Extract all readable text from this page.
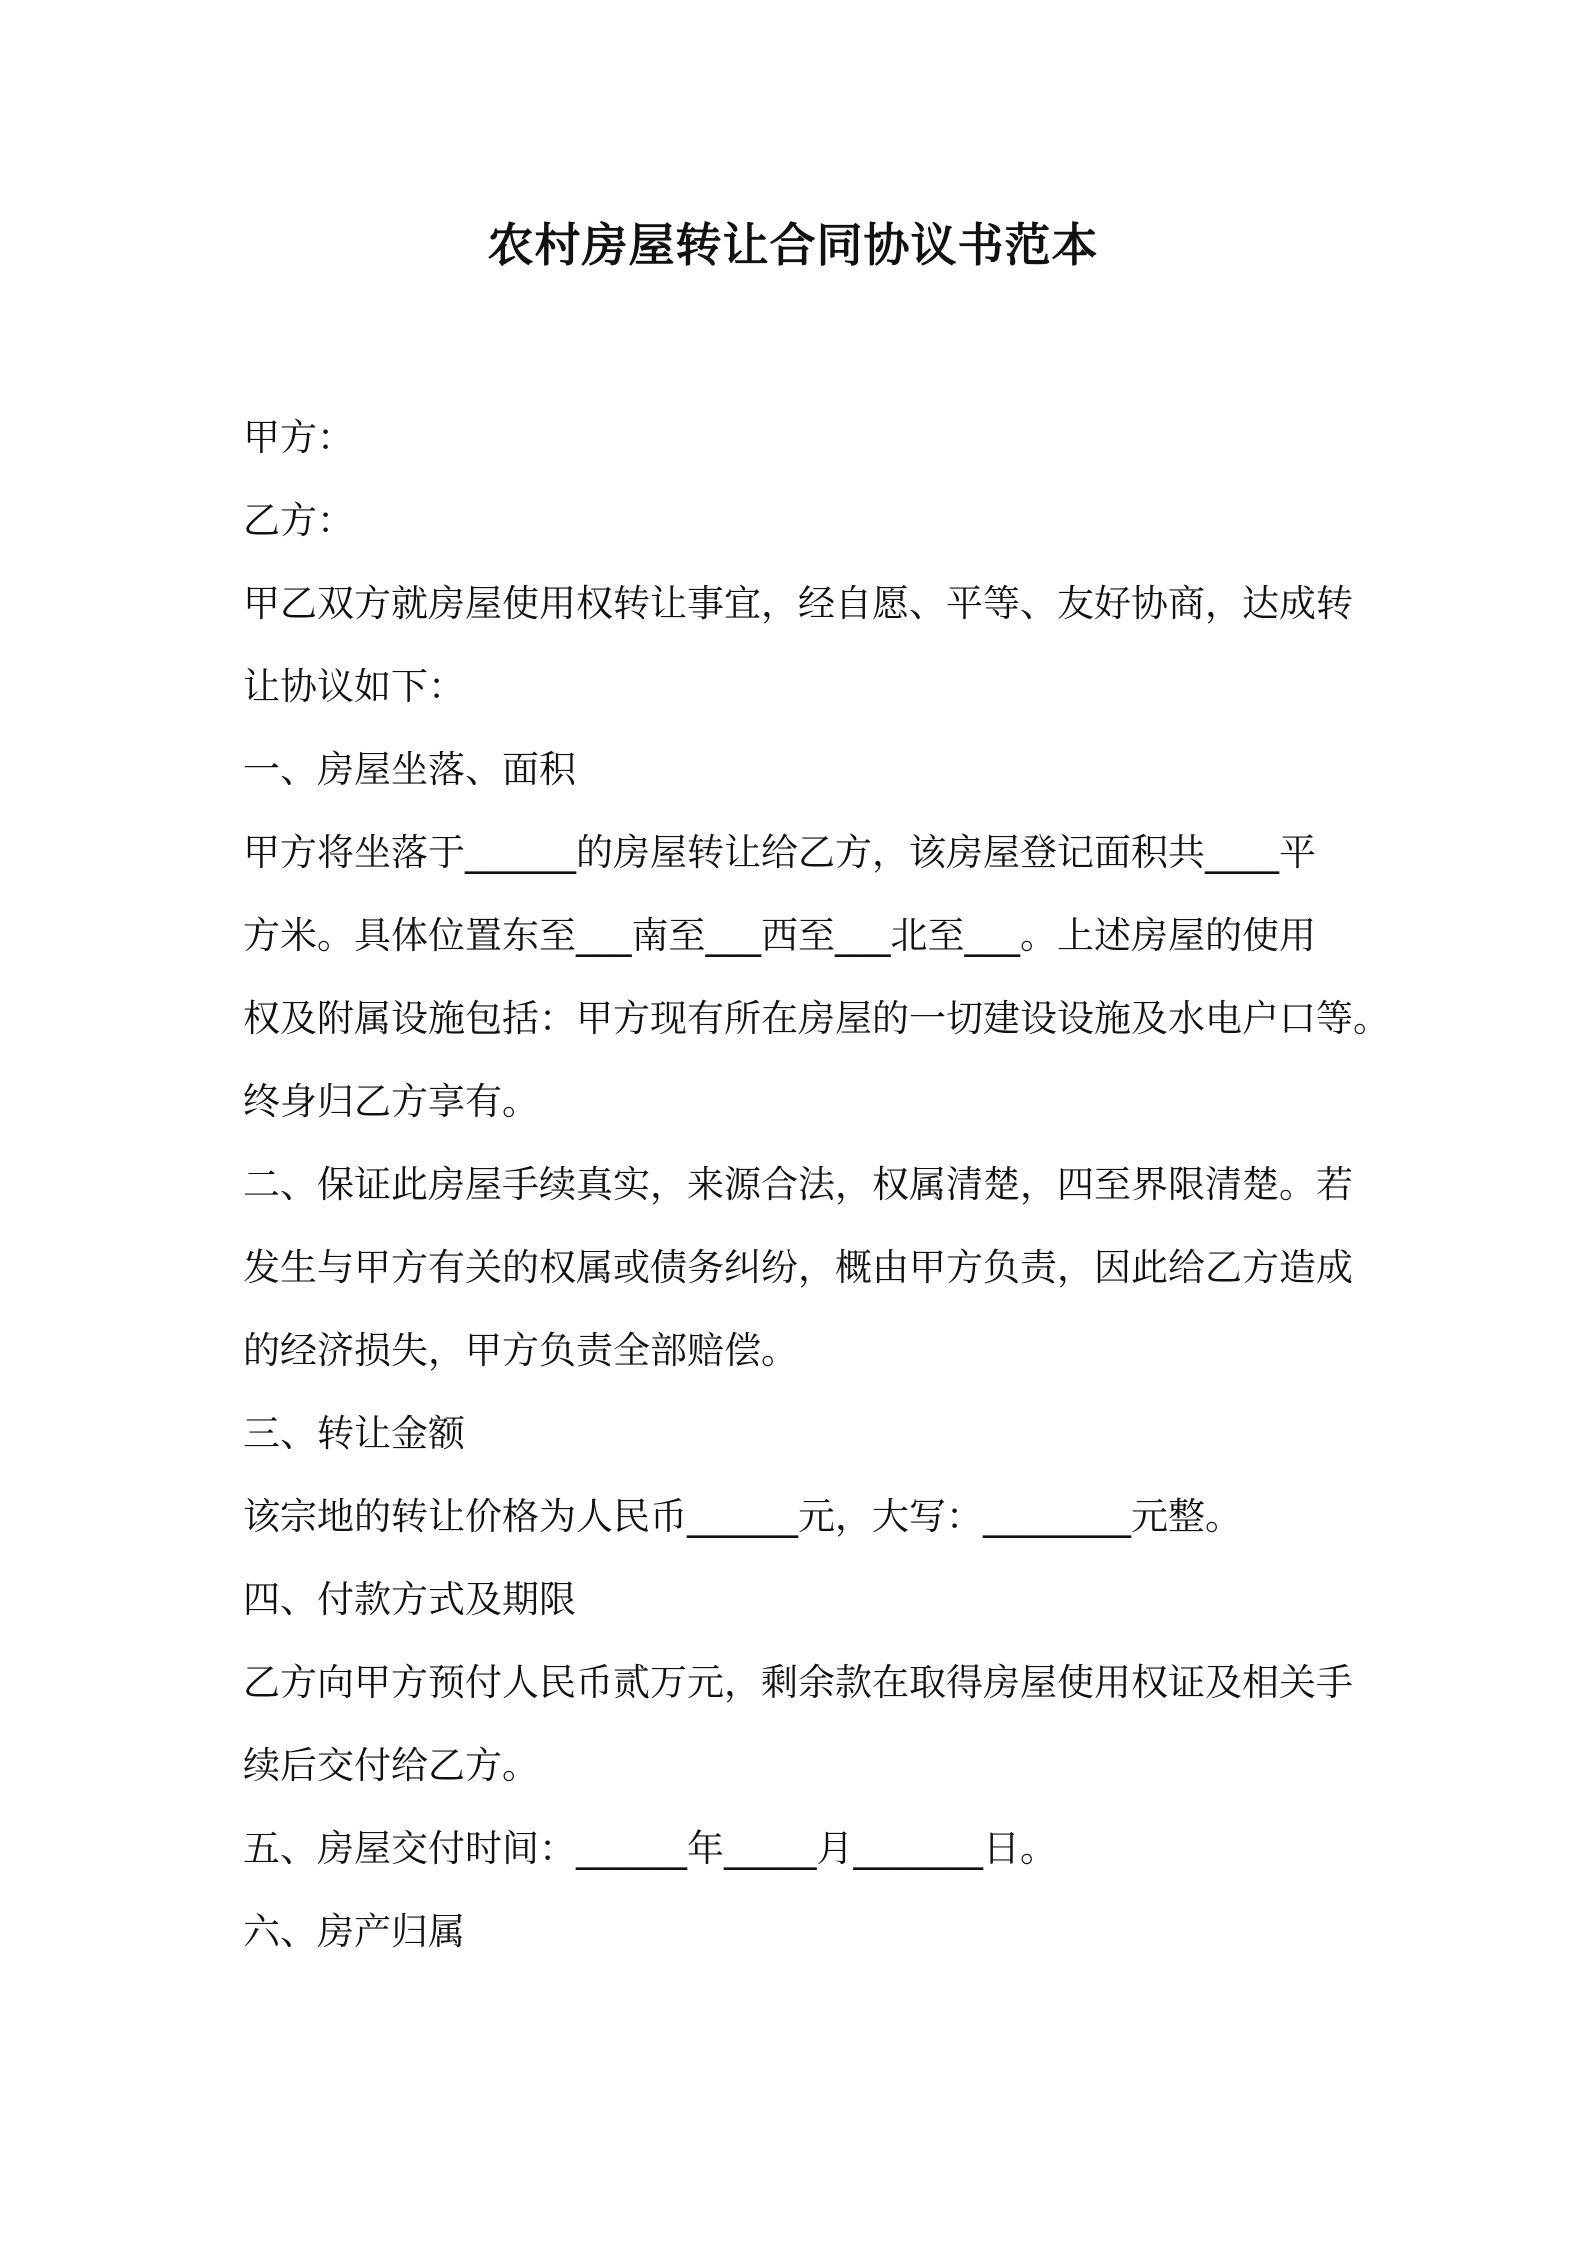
农村房屋转让合同协议书范本
甲方：
乙方：
甲乙双方就房屋使用权转让事宜，经自愿、平等、友好协商，达成转
让协议如下：
一、房屋坐落、面积
甲方将坐落于______的房屋转让给乙方，该房屋登记面积共____平
方米。具体位置东至___南至___西至___北至___。上述房屋的使用
权及附属设施包括：甲方现有所在房屋的一切建设设施及水电户口等。
终身归乙方享有。
二、保证此房屋手续真实，来源合法，权属清楚，四至界限清楚。若
发生与甲方有关的权属或债务纠纷，概由甲方负责，因此给乙方造成
的经济损失，甲方负责全部赔偿。
三、转让金额
该宗地的转让价格为人民币______元，大写：________元整。
四、付款方式及期限
乙方向甲方预付人民币贰万元，剩余款在取得房屋使用权证及相关手
续后交付给乙方。
五、房屋交付时间：______年_____月_______日。
六、房产归属
